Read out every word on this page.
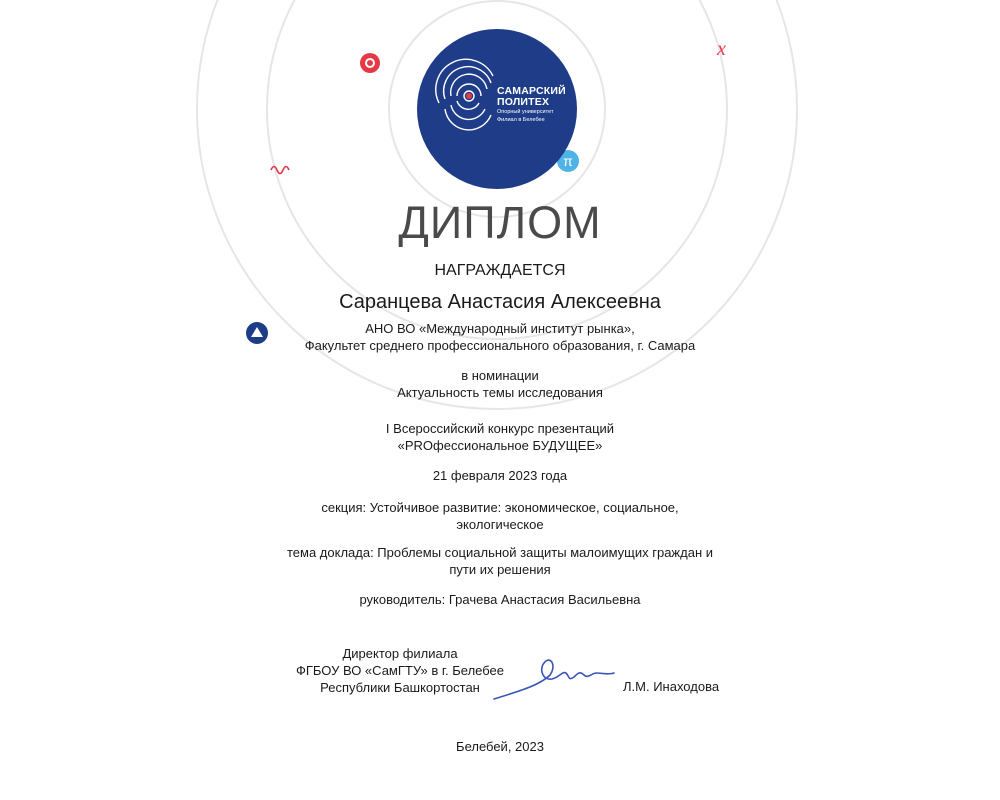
π
x
САМАРСКИЙ
ПОЛИТЕХ
Опорный университет
Филиал в Белебее
ДИПЛОМ
НАГРАЖДАЕТСЯ
Саранцева Анастасия Алексеевна
АНО ВО «Международный институт рынка»,
Факультет среднего профессионального образования, г. Самара
в номинации
Актуальность темы исследования
I Всероссийский конкурс презентаций
«PROфессиональное БУДУЩЕЕ»
21 февраля 2023 года
секция: Устойчивое развитие: экономическое, социальное,
экологическое
тема доклада: Проблемы социальной защиты малоимущих граждан и
пути их решения
руководитель: Грачева Анастасия Васильевна
Директор филиала
ФГБОУ ВО «СамГТУ» в г. Белебее
Республики Башкортостан	Л.М. Инаходова
Белебей, 2023
